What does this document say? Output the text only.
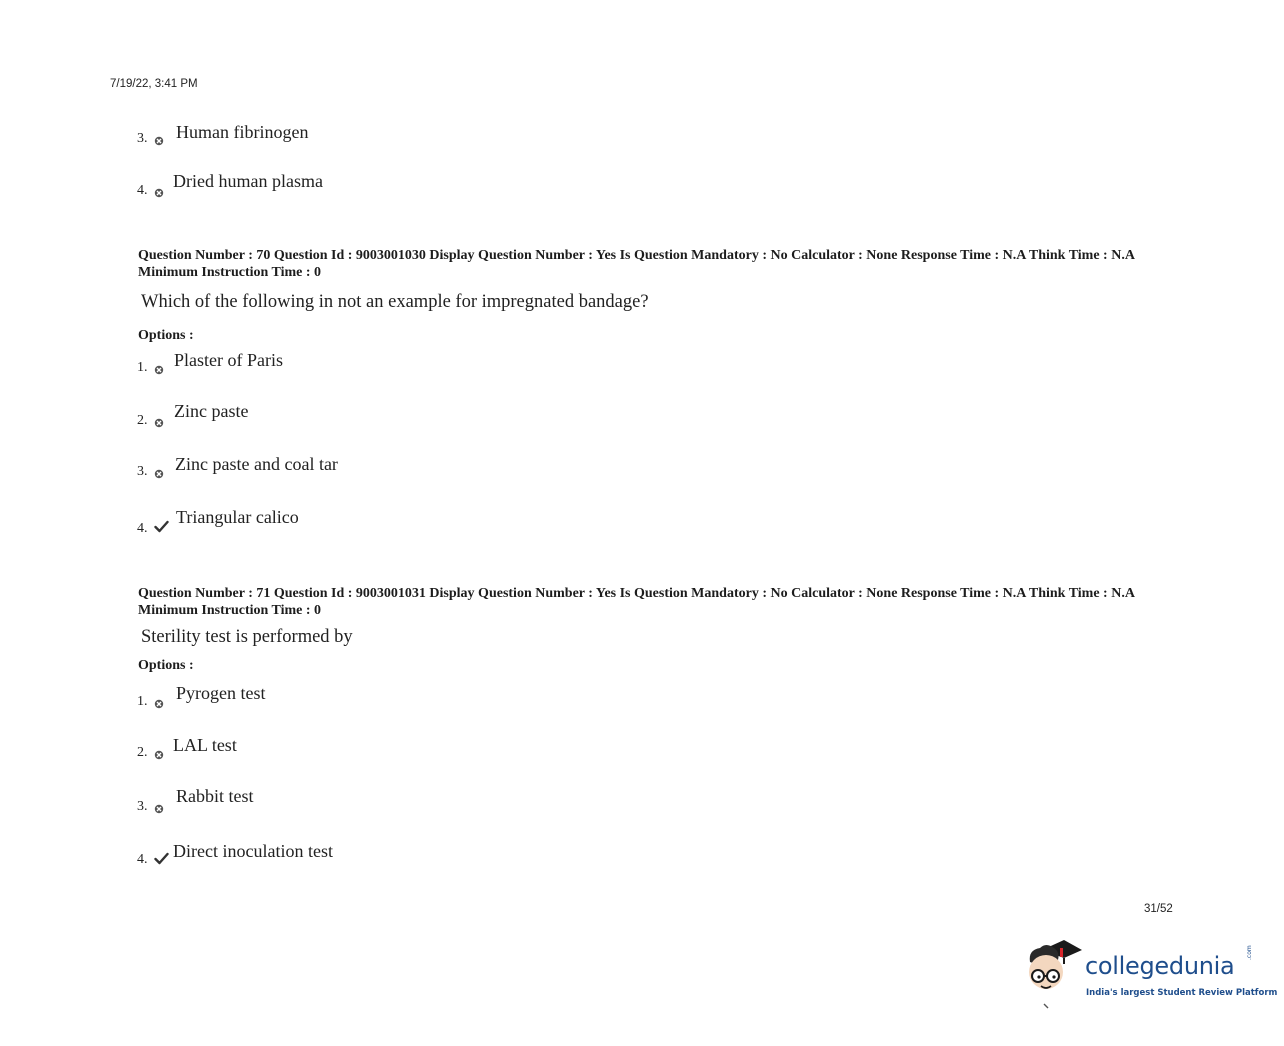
7/19/22, 3:41 PM
3. Human fibrinogen
4. Dried human plasma
Question Number : 70 Question Id : 9003001030 Display Question Number : Yes Is Question Mandatory : No Calculator : None Response Time : N.A Think Time : N.A Minimum Instruction Time : 0
Which of the following in not an example for impregnated bandage?
Options :
1. Plaster of Paris
2. Zinc paste
3. Zinc paste and coal tar
4.
Triangular calico
Question Number : 71 Question Id : 9003001031 Display Question Number : Yes Is Question Mandatory : No Calculator : None Response Time : N.A Think Time : N.A Minimum Instruction Time : 0
Sterility test is performed by
Options :
1. Pyrogen test
2. LAL test
3.
Rabbit test
4. Direct inoculation test
31/52
collegedunia .com
India's largest Student Review Platform
